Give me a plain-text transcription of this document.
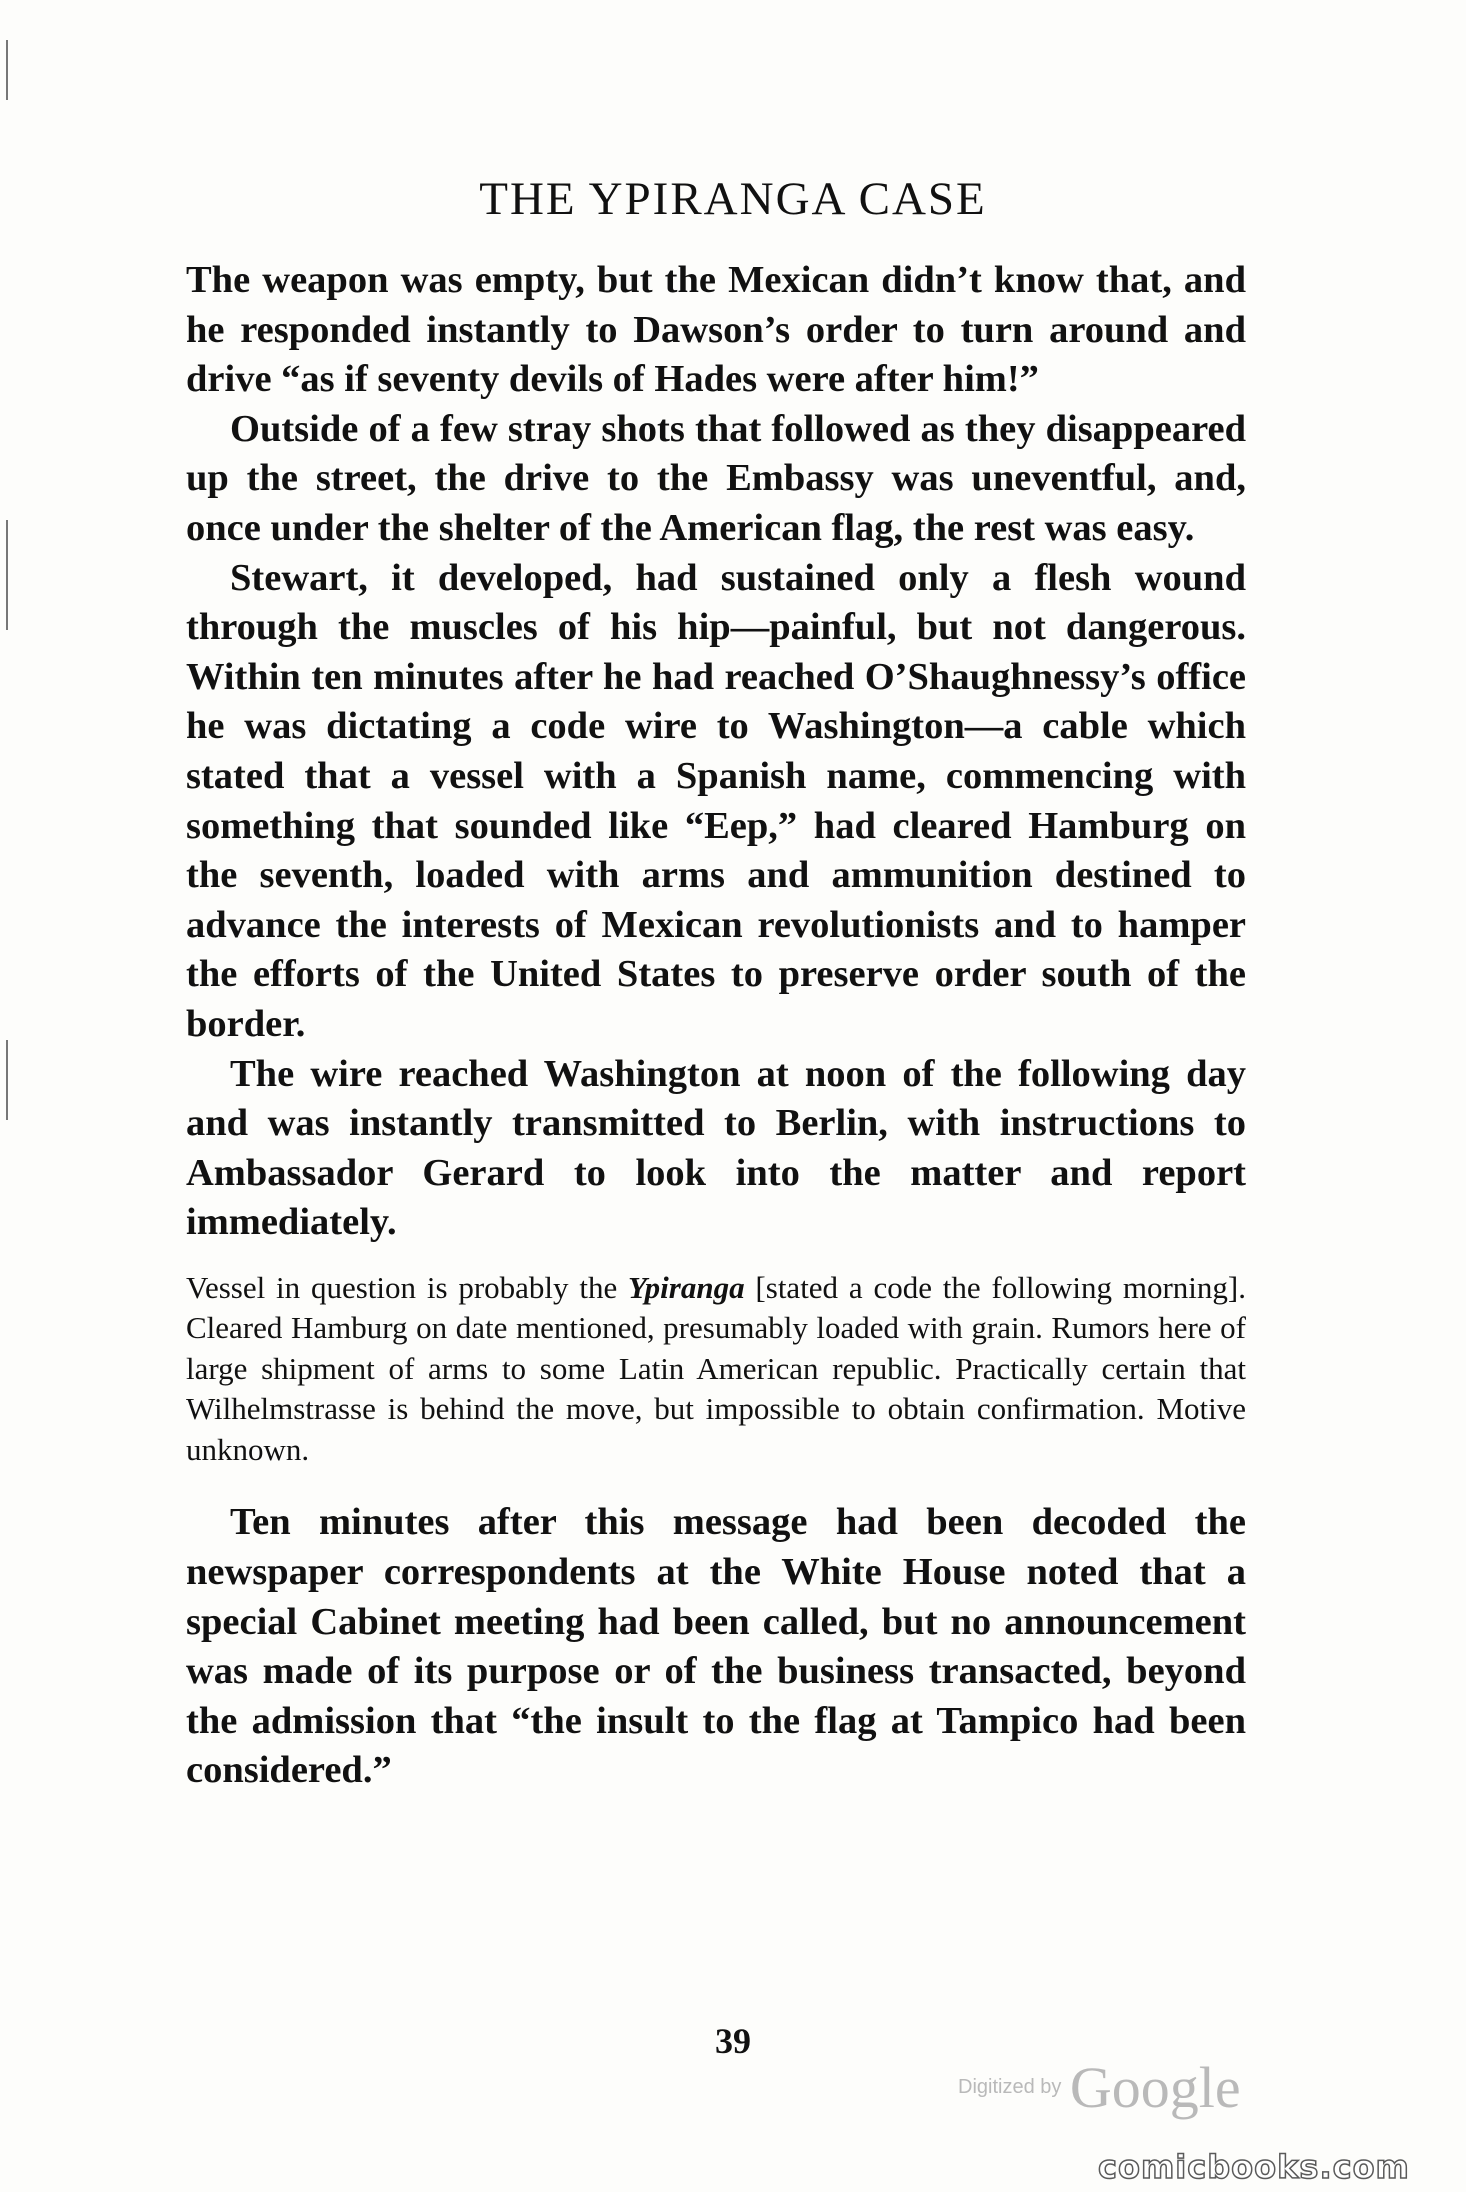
THE YPIRANGA CASE

The weapon was empty, but the Mexican didn’t know that, and he responded instantly to Dawson’s order to turn around and drive “as if seventy devils of Hades were after him!”

Outside of a few stray shots that followed as they disappeared up the street, the drive to the Embassy was uneventful, and, once under the shelter of the American flag, the rest was easy.

Stewart, it developed, had sustained only a flesh wound through the muscles of his hip—painful, but not dangerous. Within ten minutes after he had reached O’Shaughnessy’s office he was dictating a code wire to Washington—a cable which stated that a vessel with a Spanish name, commencing with something that sounded like “Eep,” had cleared Hamburg on the seventh, loaded with arms and ammunition destined to advance the interests of Mexican revolutionists and to hamper the efforts of the United States to preserve order south of the border.

The wire reached Washington at noon of the following day and was instantly transmitted to Berlin, with instructions to Ambassador Gerard to look into the matter and report immediately.

Vessel in question is probably the Ypiranga [stated a code the following morning]. Cleared Hamburg on date mentioned, presumably loaded with grain. Rumors here of large shipment of arms to some Latin American republic. Practically certain that Wilhelmstrasse is behind the move, but impossible to obtain confirmation. Motive unknown.

Ten minutes after this message had been decoded the newspaper correspondents at the White House noted that a special Cabinet meeting had been called, but no announcement was made of its purpose or of the business transacted, beyond the admission that “the insult to the flag at Tampico had been considered.”

39
Digitized by Google
comicbooks.com
